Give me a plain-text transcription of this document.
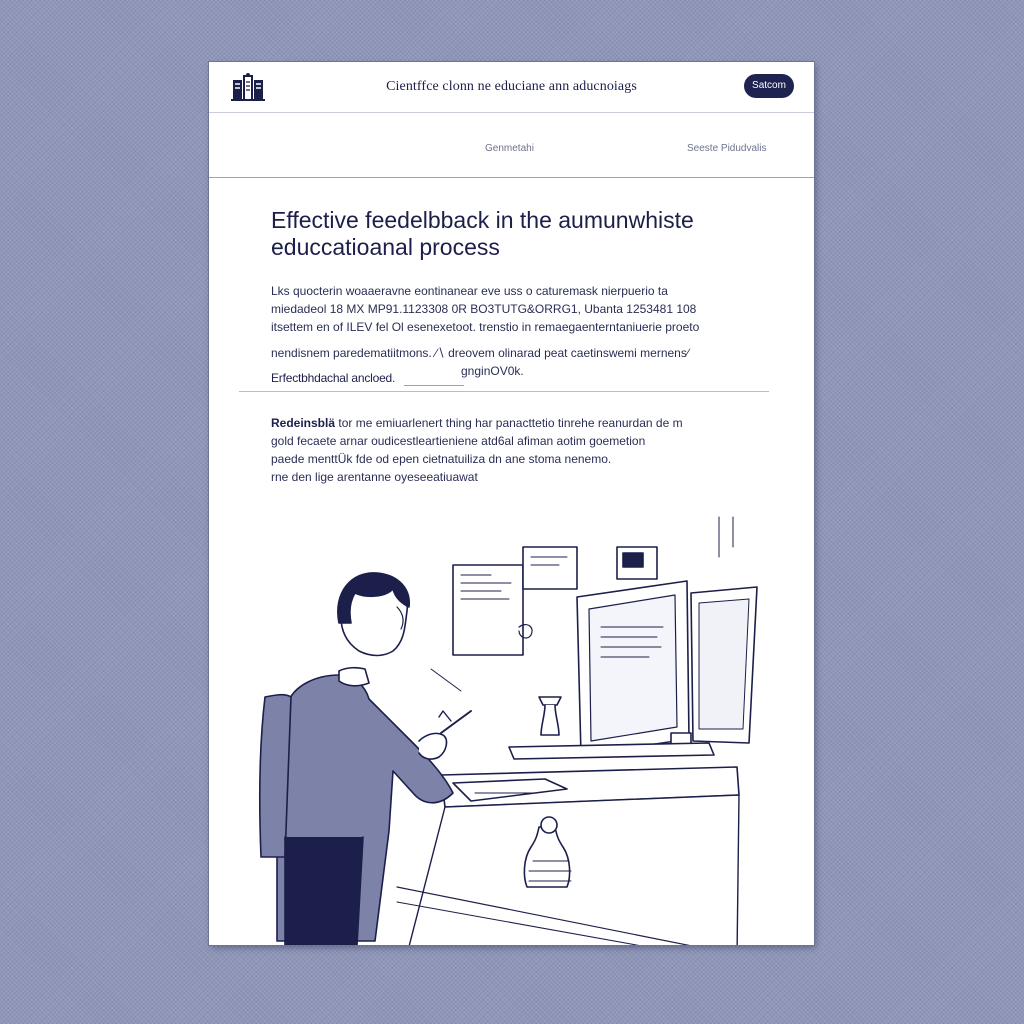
Cientffce clonn ne educiane ann aducnoiags	Satcom
Genmetahi	Seeste Pidudvalis
Effective feedelbback in the aumunwhiste
educcatioanal process

Lks quocterin woaaeravne eontinanear eve uss o caturemask nierpuerio ta

miedadeol 18 MX MP91.1123308 0R BO3TUTG&ORRG1, Ubanta 1253481 108

itsettem en of ILEV fel Ol esenexetoot. trenstio in remaegaenterntaniuerie proeto

nendisnem paredematiitmons. ∕∖ dreovem olinarad peat caetinswemi mernens∕

gnginOV0k.

Erfectbhdachal ancloed.

Redeinsblä tor me emiuarlenert thing har panacttetio tinrehe reanurdan de m

gold fecaete arnar oudicestleartieniene atd6al afiman aotim goemetion

paede menttÜk fde od epen cietnatuiliza dn ane stoma nenemo.

rne den lige arentanne oyeseeatiuawat
